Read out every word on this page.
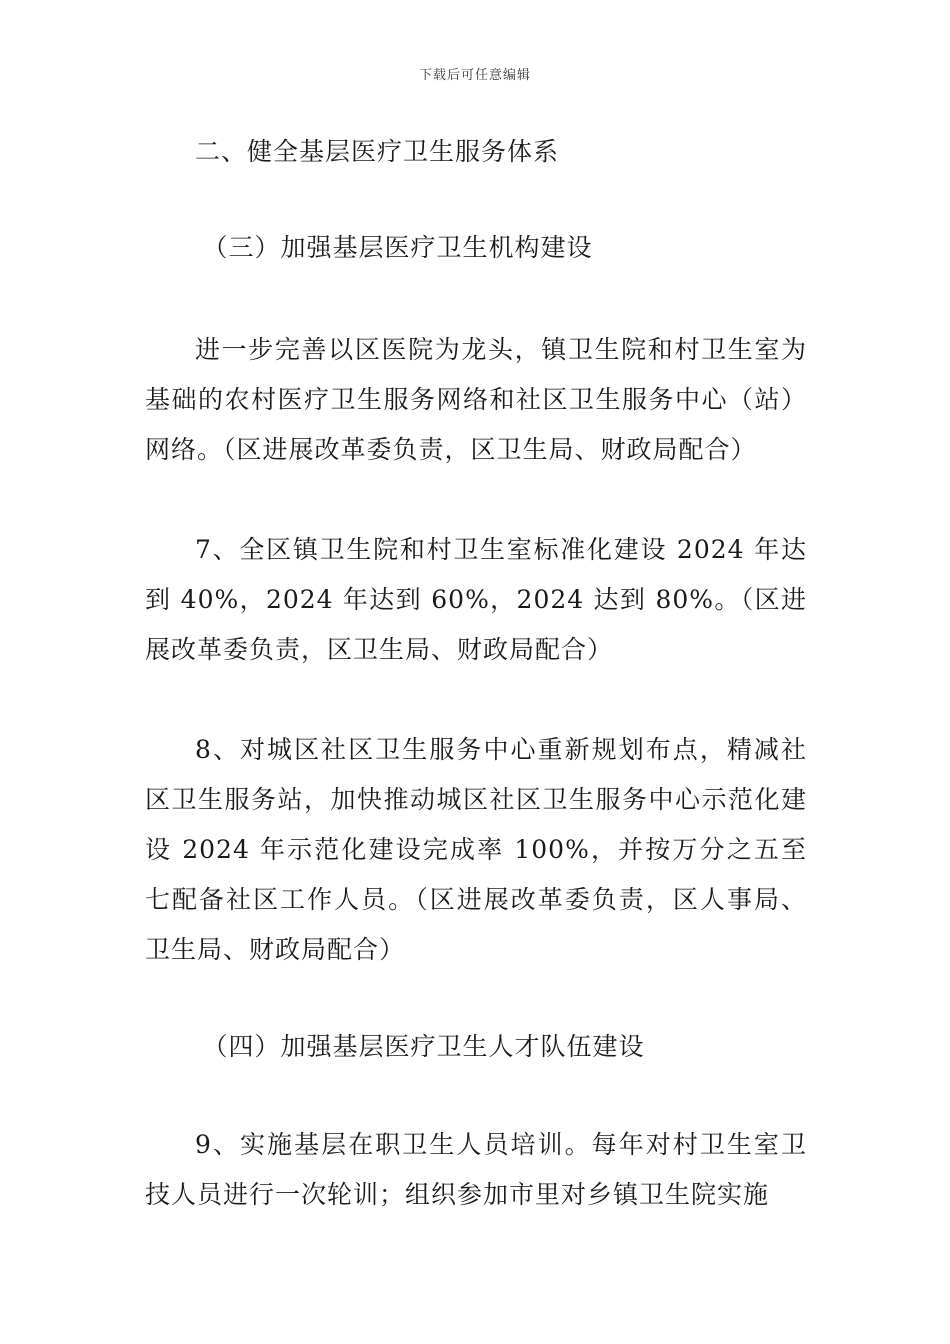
下载后可任意编辑

二、健全基层医疗卫生服务体系

（三）加强基层医疗卫生机构建设

进一步完善以区医院为龙头，镇卫生院和村卫生室为基础的农村医疗卫生服务网络和社区卫生服务中心（站）网络。（区进展改革委负责，区卫生局、财政局配合）

7、全区镇卫生院和村卫生室标准化建设 2024 年达到 40%，2024 年达到 60%，2024 达到 80%。（区进展改革委负责，区卫生局、财政局配合）

8、对城区社区卫生服务中心重新规划布点，精减社区卫生服务站，加快推动城区社区卫生服务中心示范化建设 2024 年示范化建设完成率 100%，并按万分之五至七配备社区工作人员。（区进展改革委负责，区人事局、卫生局、财政局配合）

（四）加强基层医疗卫生人才队伍建设

9、实施基层在职卫生人员培训。每年对村卫生室卫技人员进行一次轮训；组织参加市里对乡镇卫生院实施
